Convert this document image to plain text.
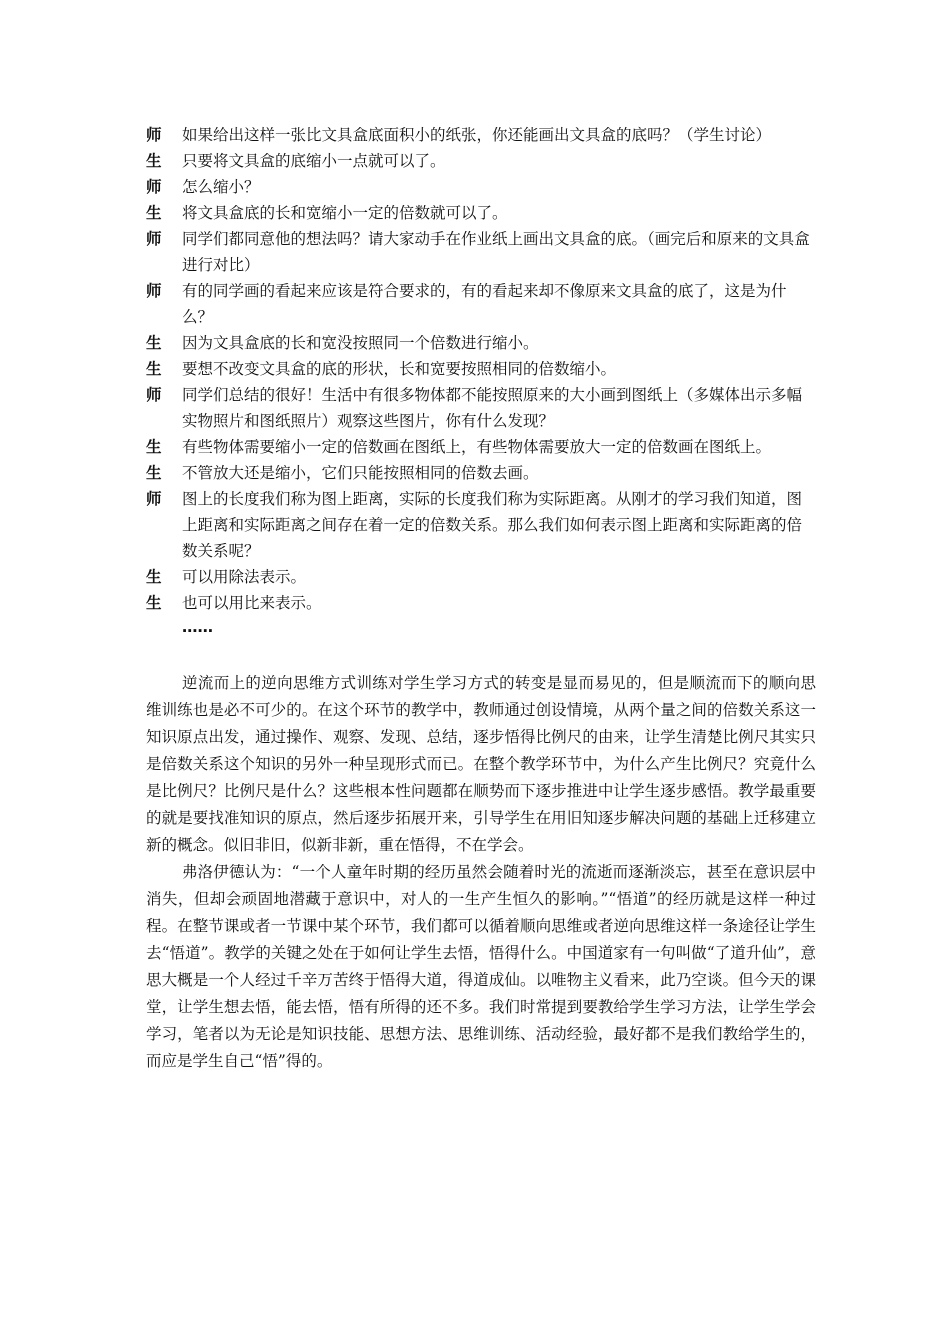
师	如果给出这样一张比文具盒底面积小的纸张，你还能画出文具盒的底吗？（学生讨论）
生	只要将文具盒的底缩小一点就可以了。
师	怎么缩小？
生	将文具盒底的长和宽缩小一定的倍数就可以了。
师	同学们都同意他的想法吗？请大家动手在作业纸上画出文具盒的底。（画完后和原来的文具盒进行对比）
师	有的同学画的看起来应该是符合要求的，有的看起来却不像原来文具盒的底了，这是为什么？
生	因为文具盒底的长和宽没按照同一个倍数进行缩小。
生	要想不改变文具盒的底的形状，长和宽要按照相同的倍数缩小。
师	同学们总结的很好！生活中有很多物体都不能按照原来的大小画到图纸上（多媒体出示多幅实物照片和图纸照片）观察这些图片，你有什么发现？
生	有些物体需要缩小一定的倍数画在图纸上，有些物体需要放大一定的倍数画在图纸上。
生	不管放大还是缩小，它们只能按照相同的倍数去画。
师	图上的长度我们称为图上距离，实际的长度我们称为实际距离。从刚才的学习我们知道，图上距离和实际距离之间存在着一定的倍数关系。那么我们如何表示图上距离和实际距离的倍数关系呢？
生	可以用除法表示。
生	也可以用比来表示。
……

逆流而上的逆向思维方式训练对学生学习方式的转变是显而易见的，但是顺流而下的顺向思维训练也是必不可少的。在这个环节的教学中，教师通过创设情境，从两个量之间的倍数关系这一知识原点出发，通过操作、观察、发现、总结，逐步悟得比例尺的由来，让学生清楚比例尺其实只是倍数关系这个知识的另外一种呈现形式而已。在整个教学环节中，为什么产生比例尺？究竟什么是比例尺？比例尺是什么？这些根本性问题都在顺势而下逐步推进中让学生逐步感悟。教学最重要的就是要找准知识的原点，然后逐步拓展开来，引导学生在用旧知逐步解决问题的基础上迁移建立新的概念。似旧非旧，似新非新，重在悟得，不在学会。

弗洛伊德认为：“一个人童年时期的经历虽然会随着时光的流逝而逐渐淡忘，甚至在意识层中消失，但却会顽固地潜藏于意识中，对人的一生产生恒久的影响。”“悟道”的经历就是这样一种过程。在整节课或者一节课中某个环节，我们都可以循着顺向思维或者逆向思维这样一条途径让学生去“悟道”。教学的关键之处在于如何让学生去悟，悟得什么。中国道家有一句叫做“了道升仙”，意思大概是一个人经过千辛万苦终于悟得大道，得道成仙。以唯物主义看来，此乃空谈。但今天的课堂，让学生想去悟，能去悟，悟有所得的还不多。我们时常提到要教给学生学习方法，让学生学会学习，笔者以为无论是知识技能、思想方法、思维训练、活动经验，最好都不是我们教给学生的，而应是学生自己“悟”得的。
